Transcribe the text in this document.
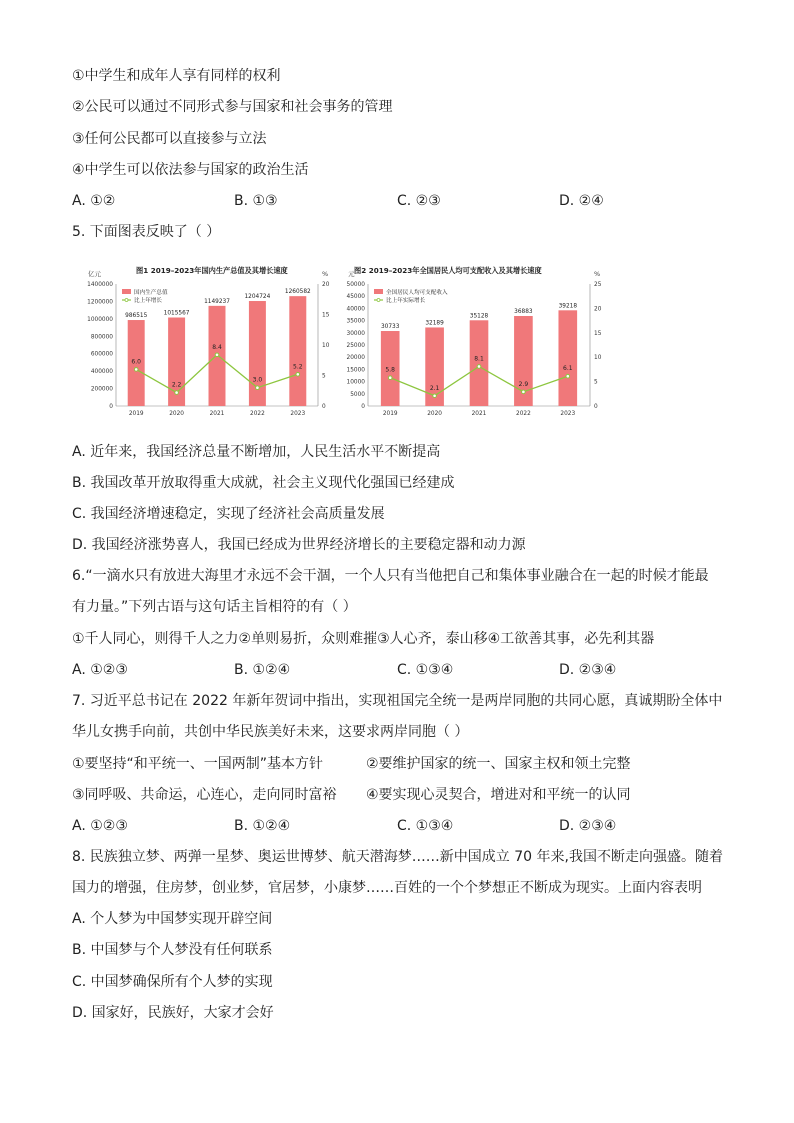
①中学生和成年人享有同样的权利
②公民可以通过不同形式参与国家和社会事务的管理
③任何公民都可以直接参与立法
④中学生可以依法参与国家的政治生活
A. ①②	B. ①③	C. ②③	D. ②④
5. 下面图表反映了（ ）
图1 2019–2023年国内生产总值及其增长速度
亿元	%
0
200000
400000
600000
800000
1000000
1200000
1400000
0
5
10
15
20
986515
2019
1015567
2020
1149237
2021
1204724
2022
1260582
2023
6.0
2.2
8.4
3.0
5.2
国内生产总值
比上年增长
图2 2019–2023年全国居民人均可支配收入及其增长速度
元	%
0
5000
10000
15000
20000
25000
30000
35000
40000
45000
50000
0
5
10
15
20
25
30733
2019
32189
2020
35128
2021
36883
2022
39218
2023
5.8
2.1
8.1
2.9
6.1
全国居民人均可支配收入
比上年实际增长
A. 近年来，我国经济总量不断增加，人民生活水平不断提高
B. 我国改革开放取得重大成就，社会主义现代化强国已经建成
C. 我国经济增速稳定，实现了经济社会高质量发展
D. 我国经济涨势喜人，我国已经成为世界经济增长的主要稳定器和动力源
6.“一滴水只有放进大海里才永远不会干涸，一个人只有当他把自己和集体事业融合在一起的时候才能最
有力量。”下列古语与这句话主旨相符的有（ ）
①千人同心，则得千人之力②单则易折，众则难摧③人心齐，泰山移④工欲善其事，必先利其器
A. ①②③	B. ①②④	C. ①③④	D. ②③④
7. 习近平总书记在 2022 年新年贺词中指出，实现祖国完全统一是两岸同胞的共同心愿，真诚期盼全体中
华儿女携手向前，共创中华民族美好未来，这要求两岸同胞（ ）
①要坚持“和平统一、一国两制”基本方针	②要维护国家的统一、国家主权和领土完整
③同呼吸、共命运，心连心，走向同时富裕 ④要实现心灵契合，增进对和平统一的认同
A. ①②③	B. ①②④	C. ①③④	D. ②③④
8. 民族独立梦、两弹一星梦、奥运世博梦、航天潜海梦……新中国成立 70 年来,我国不断走向强盛。随着
国力的增强，住房梦，创业梦，官居梦，小康梦……百姓的一个个梦想正不断成为现实。上面内容表明
A. 个人梦为中国梦实现开辟空间
B. 中国梦与个人梦没有任何联系
C. 中国梦确保所有个人梦的实现
D. 国家好，民族好，大家才会好
